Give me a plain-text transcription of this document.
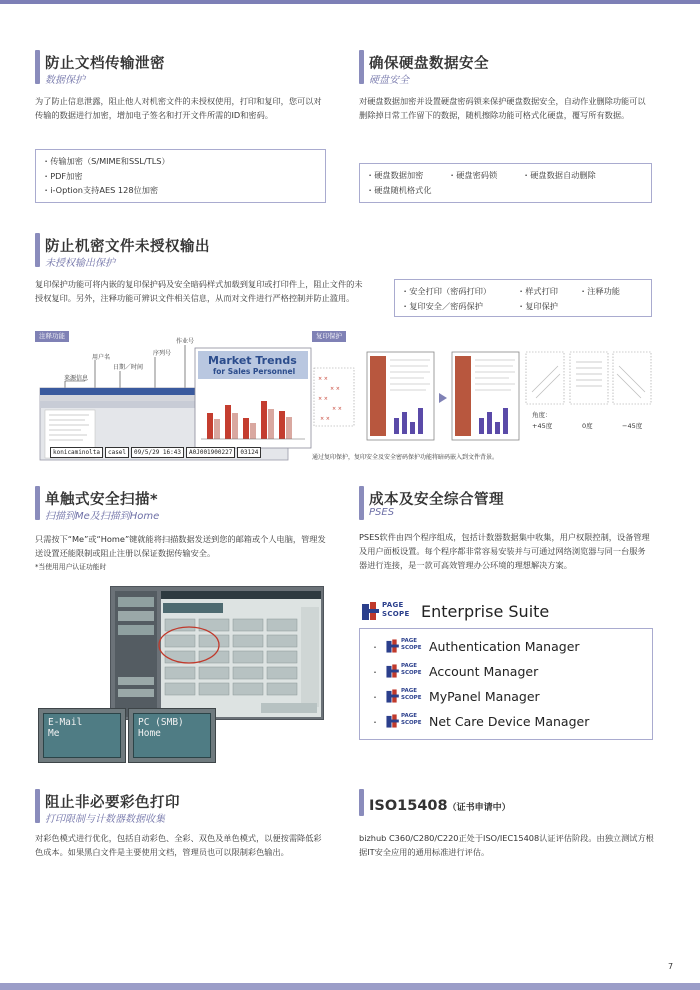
防止文档传输泄密
数据保护
为了防止信息泄露，阻止他人对机密文件的未授权使用，打印和复印，您可以对传输的数据进行加密，增加电子签名和打开文件所需的ID和密码。
・传输加密（S/MIME和SSL/TLS）
・PDF加密
・i-Option支持AES 128位加密
确保硬盘数据安全
硬盘安全
对硬盘数据加密并设置硬盘密码锁来保护硬盘数据安全，自动作业删除功能可以删除掉日常工作留下的数据，随机擦除功能可格式化硬盘，覆写所有数据。
・硬盘数据加密	・硬盘密码锁	・硬盘数据自动删除
・硬盘随机格式化
防止机密文件未授权输出
未授权输出保护
复印保护功能可将内嵌的复印保护码及安全暗码样式加载到复印或打印件上，阻止文件的未授权复印。另外，注释功能可辨识文件相关信息，从而对文件进行严格控制并防止滥用。
・安全打印（密码打印）	・样式打印	・注释功能
・复印安全／密码保护	・复印保护
注释功能
作业号
用户名
序列号
日期／时间
来源信息
Market Trends
for Sales Personnel
konicaminolta	casel	09/5/29 16:43	A0J001900227	03124
复印保护
× ×
× ×
× ×
× ×
× ×	角度：
+45度	0度	−45度
通过复印保护，复印安全及安全密码保护功能将暗码嵌入到文件背景。
单触式安全扫描*
扫描到Me及扫描到Home
只需按下“Me”或“Home”键就能将扫描数据发送到您的邮箱或个人电脑，管理发送设置还能限制或阻止注册以保证数据传输安全。
*当使用用户认证功能时
E-Mail
Me
PC (SMB)
Home
成本及安全综合管理
PSES
PSES软件由四个程序组成，包括计数器数据集中收集，用户权限控制，设备管理及用户面板设置。每个程序都非常容易安装并与可通过网络浏览器与同一台服务器进行连接，是一款可高效管理办公环境的理想解决方案。
PAGE
SCOPE Enterprise Suite
・
PAGE
SCOPE Authentication Manager
・
PAGE
SCOPE Account Manager
・
PAGE
SCOPE MyPanel Manager
・
PAGE
SCOPE Net Care Device Manager
阻止非必要彩色打印
打印限制与计数器数据收集
对彩色模式进行优化，包括自动彩色、全彩、双色及单色模式，以便按需降低彩色成本。如果黑白文件是主要使用文档，管理员也可以限制彩色输出。
ISO15408（证书申请中）
bizhub C360/C280/C220正处于ISO/IEC15408认证评估阶段。由独立测试方根据IT安全应用的通用标准进行评估。
7
